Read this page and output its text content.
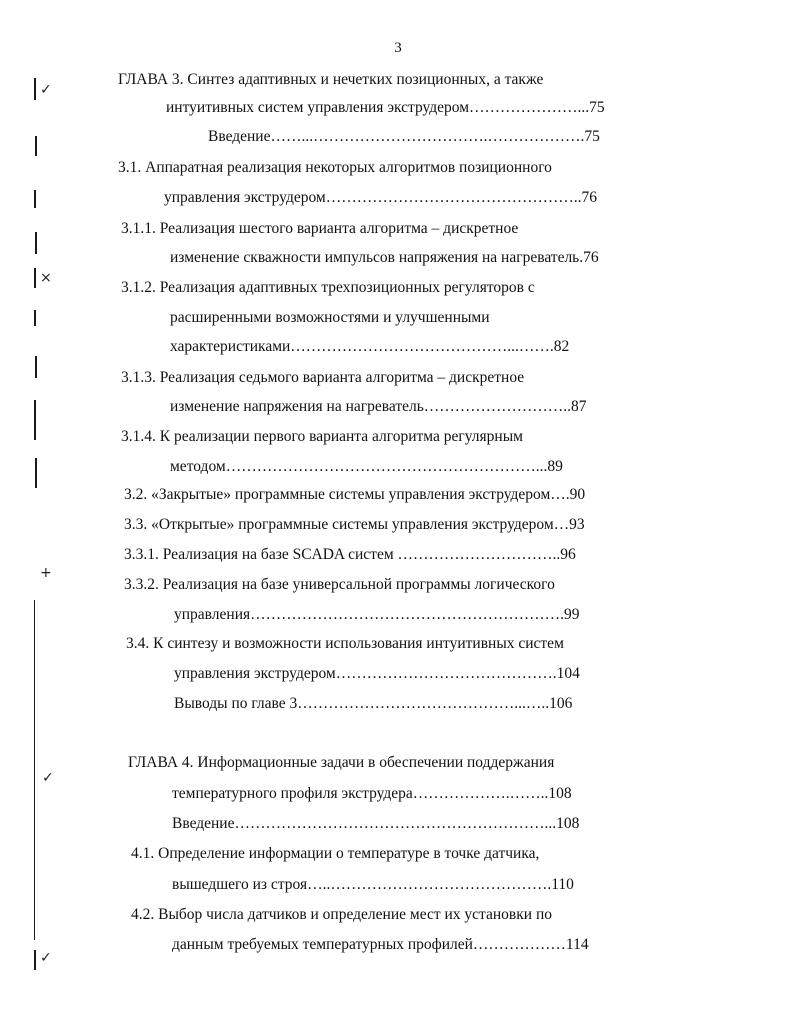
3
ГЛАВА 3. Синтез адаптивных и нечетких позиционных, а также
интуитивных систем управления экструдером…………………...75
Введение……...…………………………….……………….75
3.1. Аппаратная реализация некоторых алгоритмов позиционного
управления экструдером…………………………………………..76
3.1.1. Реализация шестого варианта алгоритма – дискретное
изменение скважности импульсов напряжения на нагреватель.76
3.1.2. Реализация адаптивных трехпозиционных регуляторов с
расширенными возможностями и улучшенными
характеристиками……………………………………...…….82
3.1.3. Реализация седьмого варианта алгоритма – дискретное
изменение напряжения на нагреватель………………………..87
3.1.4. К реализации первого варианта алгоритма регулярным
методом……………………………………………………...89
3.2. «Закрытые» программные системы управления экструдером….90
3.3. «Открытые» программные системы управления экструдером…93
3.3.1. Реализация на базе SCADA систем …………………………..96
3.3.2. Реализация на базе универсальной программы логического
управления…………………………………………………….99
3.4. К синтезу и возможности использования интуитивных систем
управления экструдером…………………………………….104
Выводы по главе 3……………………………………...…..106
ГЛАВА 4. Информационные задачи в обеспечении поддержания
температурного профиля экструдера……………….……..108
Введение……………………………………………………...108
4.1. Определение информации о температуре в точке датчика,
вышедшего из строя…..…………………………………….110
4.2. Выбор числа датчиков и определение мест их установки по
данным требуемых температурных профилей………………114
✓
×
+
✓
✓
